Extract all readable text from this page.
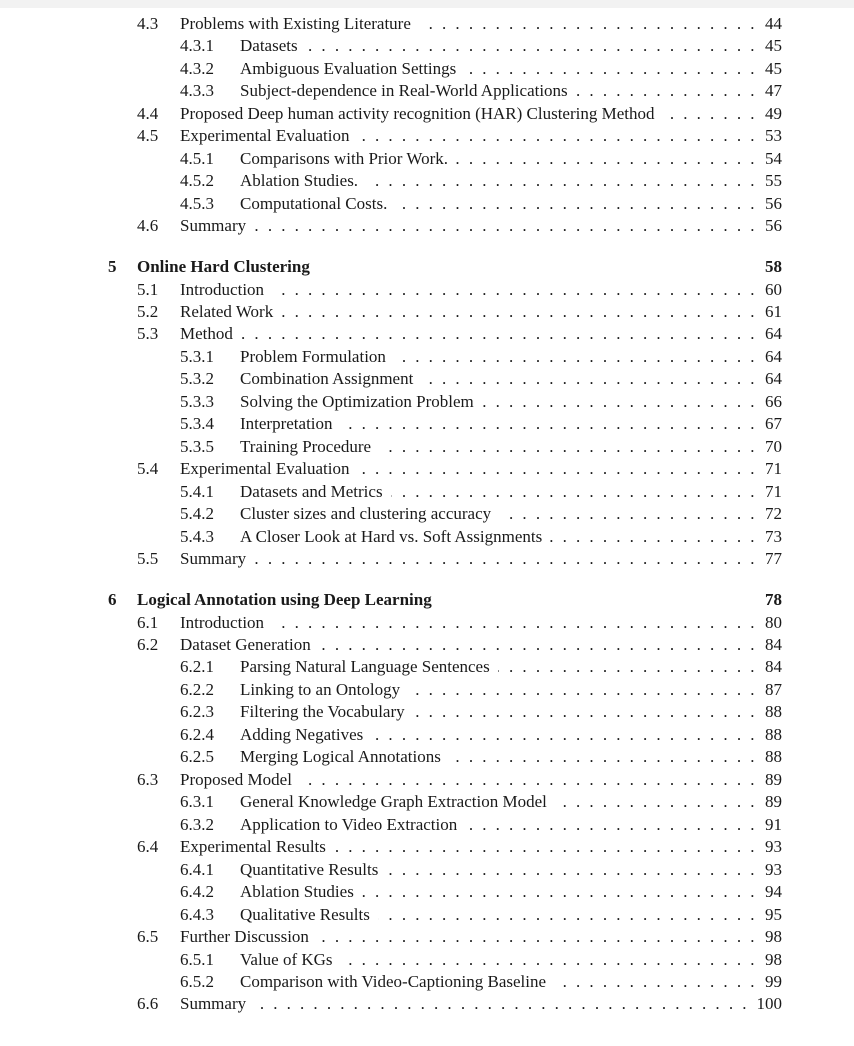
4.3 Problems with Existing Literature	44
. . .
4.3.1 Datasets	45
. . .
4.3.2 Ambiguous Evaluation Settings	45
. . .
4.3.3 Subject-dependence in Real-World Applications	47
. . .
4.4 Proposed Deep human activity recognition (HAR) Clustering Method	49
. . .
4.5 Experimental Evaluation	53
. . .
4.5.1 Comparisons with Prior Work.	54
. . .
4.5.2 Ablation Studies.	55
. . .
4.5.3 Computational Costs.	56
. . .
4.6 Summary	56
. . .
5 Online Hard Clustering	58
5.1 Introduction	60
. . .
5.2 Related Work	61
. . .
5.3 Method	64
. . .
5.3.1 Problem Formulation	64
. . .
5.3.2 Combination Assignment	64
. . .
5.3.3 Solving the Optimization Problem	66
. . .
5.3.4 Interpretation	67
. . .
5.3.5 Training Procedure	70
. . .
5.4 Experimental Evaluation	71
. . .
5.4.1 Datasets and Metrics	71
. . .
5.4.2 Cluster sizes and clustering accuracy	72
. . .
5.4.3 A Closer Look at Hard vs. Soft Assignments	73
. . .
5.5 Summary	77
. . .
6 Logical Annotation using Deep Learning	78
6.1 Introduction	80
. . .
6.2 Dataset Generation	84
. . .
6.2.1 Parsing Natural Language Sentences	84
. . .
6.2.2 Linking to an Ontology	87
. . .
6.2.3 Filtering the Vocabulary	88
. . .
6.2.4 Adding Negatives	88
. . .
6.2.5 Merging Logical Annotations	88
. . .
6.3 Proposed Model	89
. . .
6.3.1 General Knowledge Graph Extraction Model	89
. . .
6.3.2 Application to Video Extraction	91
. . .
6.4 Experimental Results	93
. . .
6.4.1 Quantitative Results	93
. . .
6.4.2 Ablation Studies	94
. . .
6.4.3 Qualitative Results	95
. . .
6.5 Further Discussion	98
. . .
6.5.1 Value of KGs	98
. . .
6.5.2 Comparison with Video-Captioning Baseline	99
. . .
6.6 Summary	100
. . .
